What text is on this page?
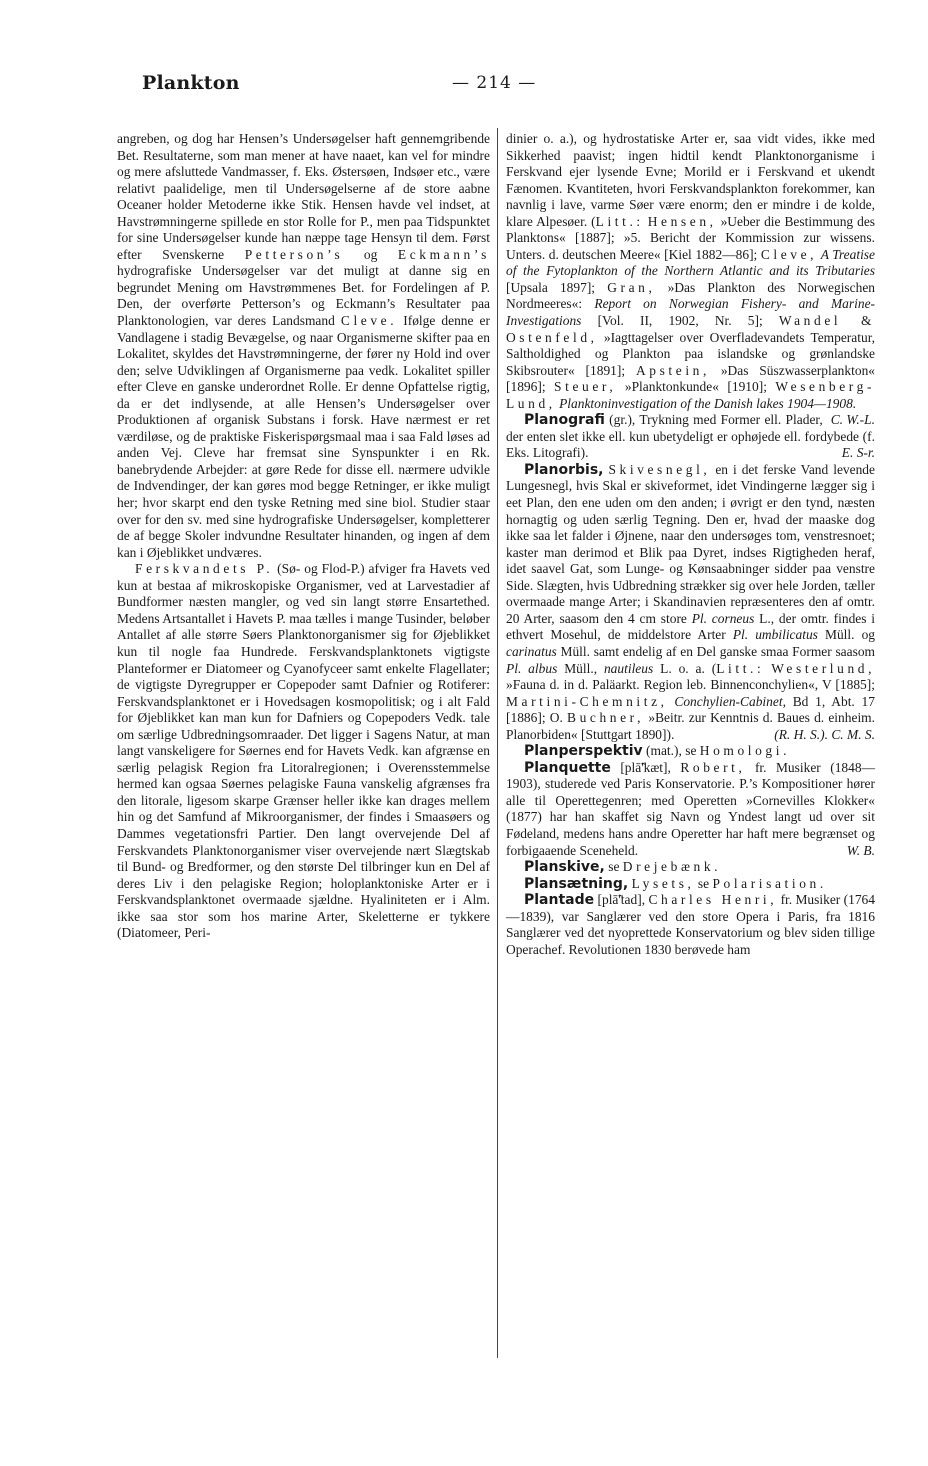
Plankton	— 214 —

angreben, og dog har Hensen’s Undersøgelser haft gennemgribende Bet. Resultaterne, som man mener at have naaet, kan vel for mindre og mere afsluttede Vandmasser, f. Eks. Østersøen, Indsøer etc., være relativt paalidelige, men til Undersøgelserne af de store aabne Oceaner holder Metoderne ikke Stik. Hensen havde vel indset, at Havstrømningerne spillede en stor Rolle for P., men paa Tidspunktet for sine Undersøgelser kunde han næppe tage Hensyn til dem. Først efter Svenskerne Petterson’s og Eckmann’s hydrografiske Undersøgelser var det muligt at danne sig en begrundet Mening om Havstrømmenes Bet. for Fordelingen af P. Den, der overførte Petterson’s og Eckmann’s Resultater paa Planktonologien, var deres Landsmand Cleve. Ifølge denne er Vandlagene i stadig Bevægelse, og naar Organismerne skifter paa en Lokalitet, skyldes det Havstrømningerne, der fører ny Hold ind over den; selve Udviklingen af Organismerne paa vedk. Lokalitet spiller efter Cleve en ganske underordnet Rolle. Er denne Opfattelse rigtig, da er det indlysende, at alle Hensen’s Undersøgelser over Produktionen af organisk Substans i forsk. Have nærmest er ret værdiløse, og de praktiske Fiskerispørgsmaal maa i saa Fald løses ad anden Vej. Cleve har fremsat sine Synspunkter i en Rk. banebrydende Arbejder: at gøre Rede for disse ell. nærmere udvikle de Indvendinger, der kan gøres mod begge Retninger, er ikke muligt her; hvor skarpt end den tyske Retning med sine biol. Studier staar over for den sv. med sine hydrografiske Undersøgelser, kompletterer de af begge Skoler indvundne Resultater hinanden, og ingen af dem kan i Øjeblikket undværes.

Ferskvandets P. (Sø- og Flod-P.) afviger fra Havets ved kun at bestaa af mikroskopiske Organismer, ved at Larvestadier af Bundformer næsten mangler, og ved sin langt større Ensartethed. Medens Artsantallet i Havets P. maa tælles i mange Tusinder, beløber Antallet af alle større Søers Planktonorganismer sig for Øjeblikket kun til nogle faa Hundrede. Ferskvandsplanktonets vigtigste Planteformer er Diatomeer og Cyanofyceer samt enkelte Flagellater; de vigtigste Dyregrupper er Copepoder samt Dafnier og Rotiferer: Ferskvandsplanktonet er i Hovedsagen kosmopolitisk; og i alt Fald for Øjeblikket kan man kun for Dafniers og Copepoders Vedk. tale om særlige Udbredningsomraader. Det ligger i Sagens Natur, at man langt vanskeligere for Søernes end for Havets Vedk. kan afgrænse en særlig pelagisk Region fra Litoralregionen; i Overensstemmelse hermed kan ogsaa Søernes pelagiske Fauna vanskelig afgrænses fra den litorale, ligesom skarpe Grænser heller ikke kan drages mellem hin og det Samfund af Mikroorganismer, der findes i Smaasøers og Dammes vegetationsfri Partier. Den langt overvejende Del af Ferskvandets Planktonorganismer viser overvejende nært Slægtskab til Bund- og Bredformer, og den største Del tilbringer kun en Del af deres Liv i den pelagiske Region; holoplanktoniske Arter er i Ferskvandsplanktonet overmaade sjældne. Hyaliniteten er i Alm. ikke saa stor som hos marine Arter, Skeletterne er tykkere (Diatomeer, Peri-

dinier o. a.), og hydrostatiske Arter er, saa vidt vides, ikke med Sikkerhed paavist; ingen hidtil kendt Planktonorganisme i Ferskvand ejer lysende Evne; Morild er i Ferskvand et ukendt Fænomen. Kvantiteten, hvori Ferskvandsplankton forekommer, kan navnlig i lave, varme Søer være enorm; den er mindre i de kolde, klare Alpesøer. (Litt.: Hensen, »Ueber die Bestimmung des Planktons« [1887]; »5. Bericht der Kommission zur wissens. Unters. d. deutschen Meere« [Kiel 1882—86]; Cleve, A Treatise of the Fytoplankton of the Northern Atlantic and its Tributaries [Upsala 1897]; Gran, »Das Plankton des Norwegischen Nordmeeres«: Report on Norwegian Fishery- and Marine-Investigations [Vol. II, 1902, Nr. 5]; Wandel & Ostenfeld, »Iagttagelser over Overfladevandets Temperatur, Saltholdighed og Plankton paa islandske og grønlandske Skibsrouter« [1891]; Apstein, »Das Süszwasserplankton« [1896]; Steuer, »Planktonkunde« [1910]; Wesenberg-Lund, Planktoninvestigation of the Danish lakes 1904—1908.
C. W.-L.

Planografi (gr.), Trykning med Former ell. Plader, der enten slet ikke ell. kun ubetydeligt er ophøjede ell. fordybede (f. Eks. Litografi).	E. S-r.

Planorbis, Skivesnegl, en i det ferske Vand levende Lungesnegl, hvis Skal er skiveformet, idet Vindingerne lægger sig i eet Plan, den ene uden om den anden; i øvrigt er den tynd, næsten hornagtig og uden særlig Tegning. Den er, hvad der maaske dog ikke saa let falder i Øjnene, naar den undersøges tom, venstresnoet; kaster man derimod et Blik paa Dyret, indses Rigtigheden heraf, idet saavel Gat, som Lunge- og Kønsaabninger sidder paa venstre Side. Slægten, hvis Udbredning strækker sig over hele Jorden, tæller overmaade mange Arter; i Skandinavien repræsenteres den af omtr. 20 Arter, saasom den 4 cm store Pl. corneus L., der omtr. findes i ethvert Mosehul, de middelstore Arter Pl. umbilicatus Müll. og carinatus Müll. samt endelig af en Del ganske smaa Former saasom Pl. albus Müll., nautileus L. o. a. (Litt.: Westerlund, »Fauna d. in d. Paläarkt. Region leb. Binnenconchylien«, V [1885]; Martini-Chemnitz, Conchylien-Cabinet, Bd 1, Abt. 17 [1886]; O. Buchner, »Beitr. zur Kenntnis d. Baues d. einheim. Planorbiden« [Stuttgart 1890]).	(R. H. S.). C. M. S.

Planperspektiv (mat.), se Homologi.

Planquette [plā̃'kæt], Robert, fr. Musiker (1848—1903), studerede ved Paris Konservatorie. P.’s Kompositioner hører alle til Operettegenren; med Operetten »Cornevilles Klokker« (1877) har han skaffet sig Navn og Yndest langt ud over sit Fødeland, medens hans andre Operetter har haft mere begrænset og forbigaaende Sceneheld.	W. B.

Planskive, se Drejebænk.

Plansætning, Lysets, se Polarisation.

Plantade [plā̃'tad], Charles Henri, fr. Musiker (1764—1839), var Sanglærer ved den store Opera i Paris, fra 1816 Sanglærer ved det nyoprettede Konservatorium og blev siden tillige Operachef. Revolutionen 1830 berøvede ham
